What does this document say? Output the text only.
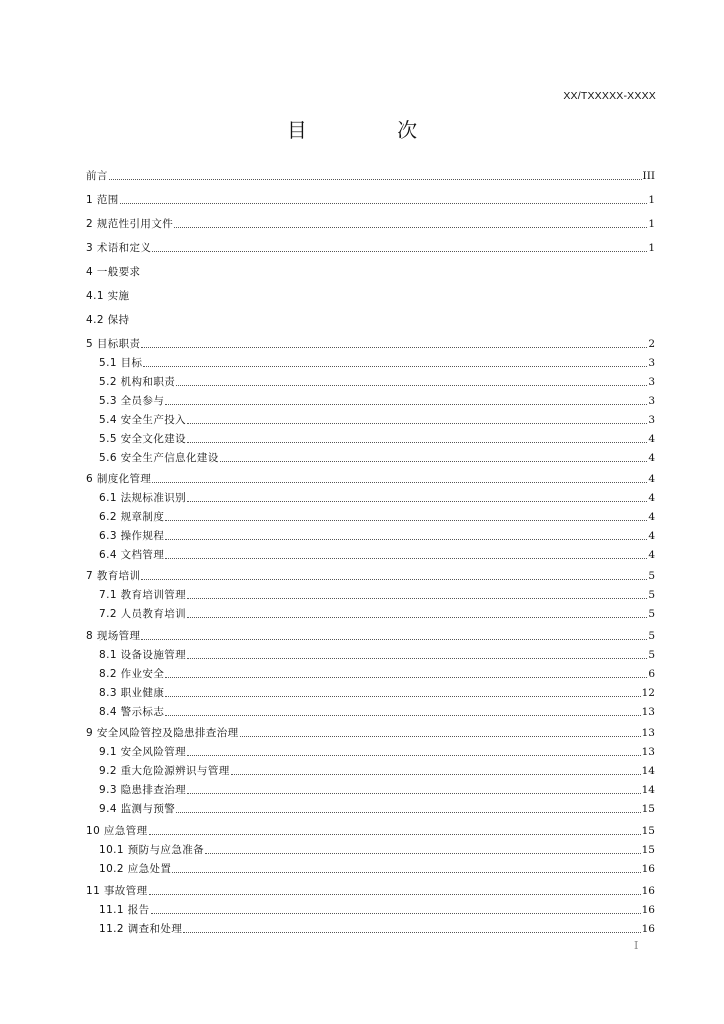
XX/TXXXXX-XXXX
目 次
前言	III
1 范围	1
2 规范性引用文件	1
3 术语和定义	1
4 一般要求
4.1 实施
4.2 保持
5 目标职责	2
5.1 目标	3
5.2 机构和职责	3
5.3 全员参与	3
5.4 安全生产投入	3
5.5 安全文化建设	4
5.6 安全生产信息化建设	4
6 制度化管理	4
6.1 法规标准识别	4
6.2 规章制度	4
6.3 操作规程	4
6.4 文档管理	4
7 教育培训	5
7.1 教育培训管理	5
7.2 人员教育培训	5
8 现场管理	5
8.1 设备设施管理	5
8.2 作业安全	6
8.3 职业健康	12
8.4 警示标志	13
9 安全风险管控及隐患排查治理	13
9.1 安全风险管理	13
9.2 重大危险源辨识与管理	14
9.3 隐患排查治理	14
9.4 监测与预警	15
10 应急管理	15
10.1 预防与应急准备	15
10.2 应急处置	16
11 事故管理	16
11.1 报告	16
11.2 调查和处理	16
I
